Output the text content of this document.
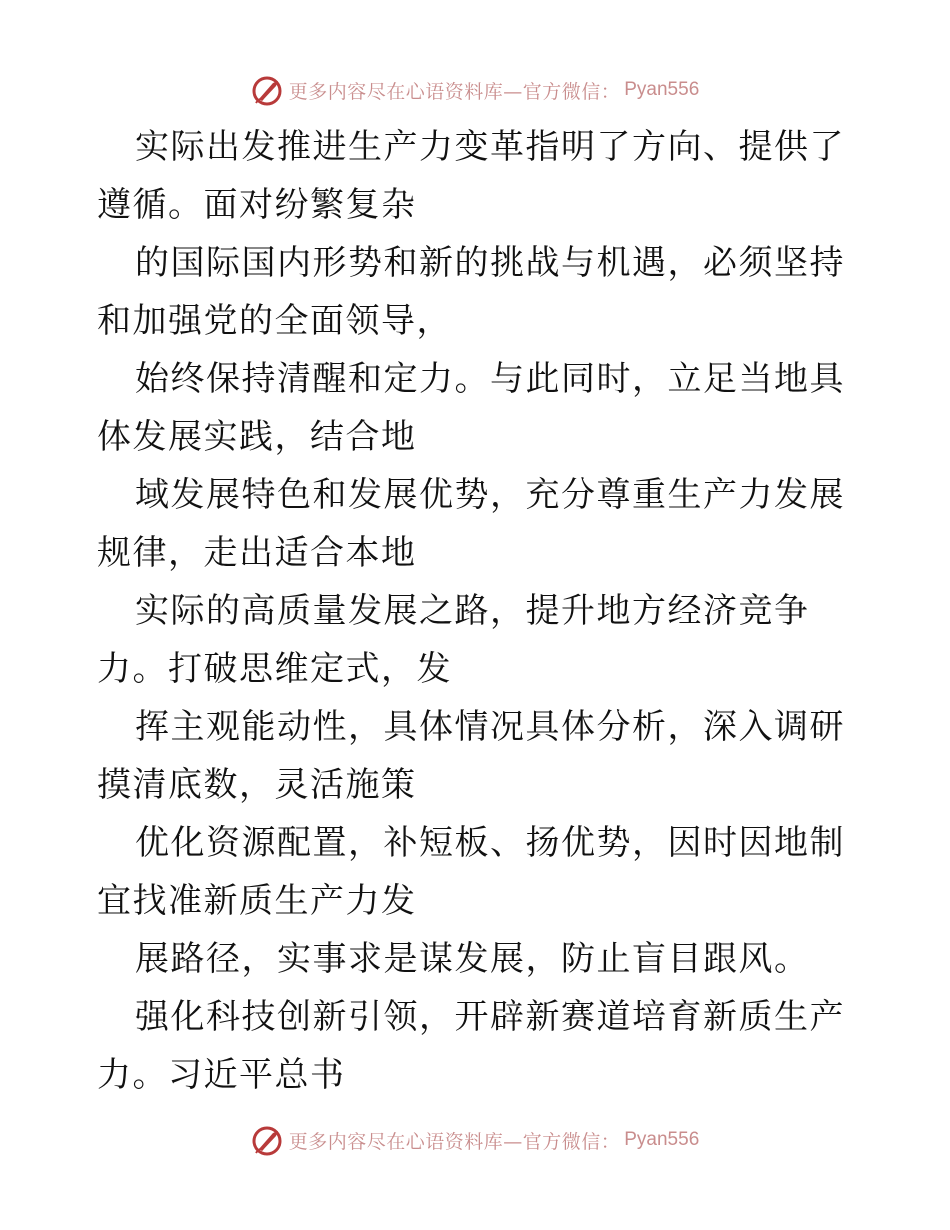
更多内容尽在心语资料库—官方微信： Pyan556

实际出发推进生产力变革指明了方向、提供了遵循。面对纷繁复杂

的国际国内形势和新的挑战与机遇，必须坚持和加强党的全面领导，

始终保持清醒和定力。与此同时，立足当地具体发展实践，结合地

域发展特色和发展优势，充分尊重生产力发展规律，走出适合本地

实际的高质量发展之路，提升地方经济竞争力。打破思维定式，发

挥主观能动性，具体情况具体分析，深入调研摸清底数，灵活施策

优化资源配置，补短板、扬优势，因时因地制宜找准新质生产力发

展路径，实事求是谋发展，防止盲目跟风。

强化科技创新引领，开辟新赛道培育新质生产力。习近平总书

更多内容尽在心语资料库—官方微信： Pyan556
